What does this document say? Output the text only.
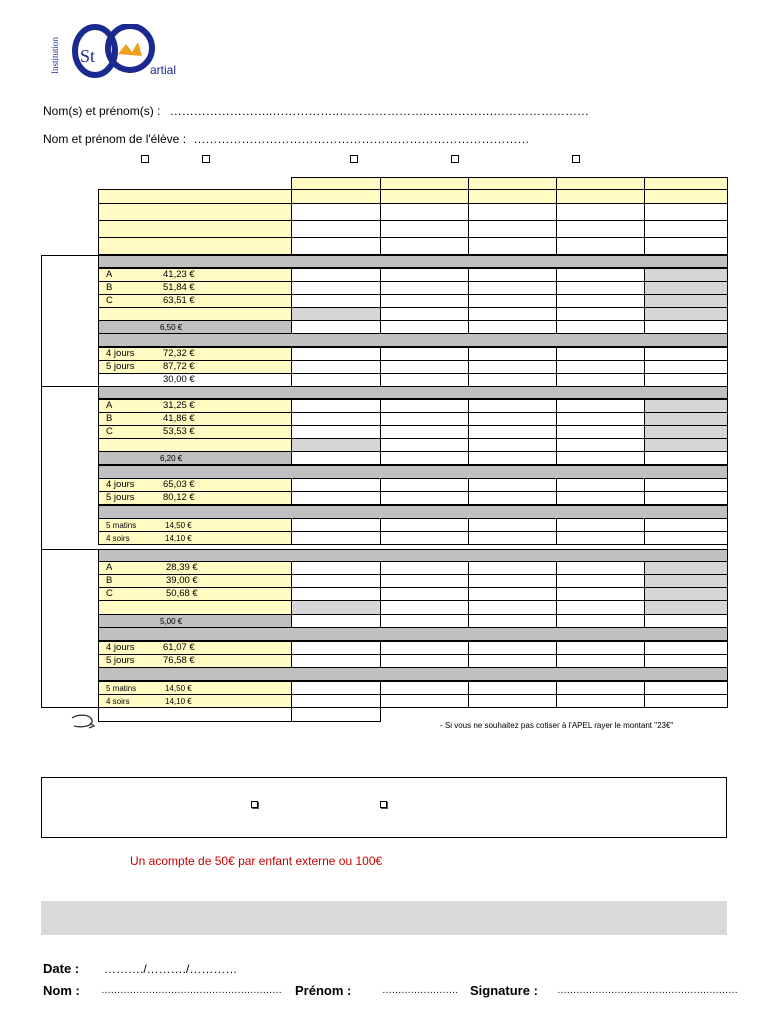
Institution St
artial
Nom(s) et prénom(s) : ……………………..……………..…………………..…………….……………………
Nom et prénom de l'élève : …………………………………………………………………………
A	41,23 €
B	51,84 €
C	63,51 €
6,50 €
4 jours	72,32 €
5 jours	87,72 €
30,00 €
A	31,25 €
B	41,86 €
C	53,53 €
6,20 €
4 jours	65,03 €
5 jours	80,12 €
5 matins	14,50 €
4 soirs	14,10 €
A	28,39 €
B	39,00 €
C	50,68 €
5,00 €
4 jours	61,07 €
5 jours	76,58 €
5 matins	14,50 €
4 soirs	14,10 €
- Si vous ne souhaitez pas cotiser à l'APEL rayer le montant "23€"
Un acompte de 50€ par enfant externe ou 100€
Date : ………./………./…………
Nom : ………………………………………………… Prénom :	…………………… Signature : …………………………………………………
